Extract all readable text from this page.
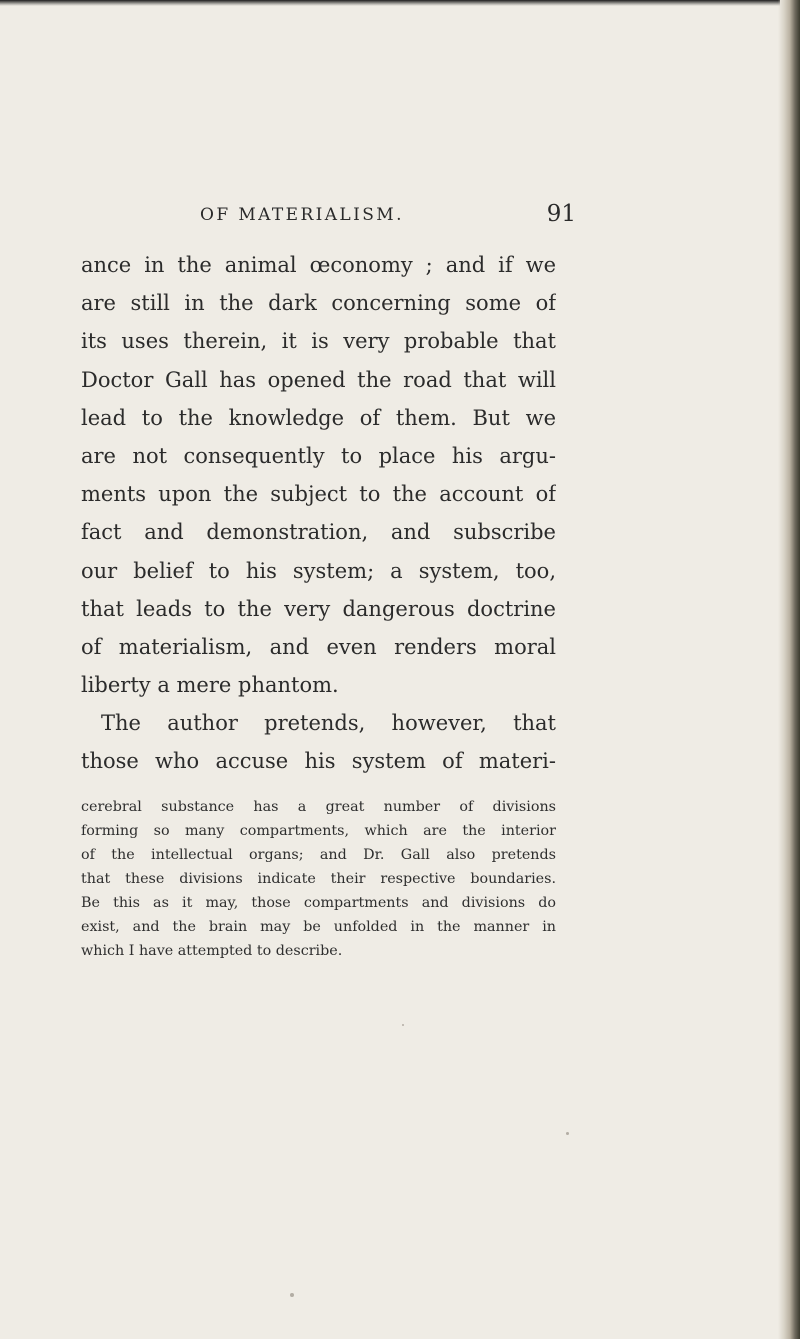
OF MATERIALISM.	91
ance in the animal œconomy ; and if we
are still in the dark concerning some of
its uses therein, it is very probable that
Doctor Gall has opened the road that will
lead to the knowledge of them. But we
are not consequently to place his argu-
ments upon the subject to the account of
fact and demonstration, and subscribe
our belief to his system; a system, too,
that leads to the very dangerous doctrine
of materialism, and even renders moral
liberty a mere phantom.
The author pretends, however, that
those who accuse his system of materi-
cerebral substance has a great number of divisions
forming so many compartments, which are the interior
of the intellectual organs; and Dr. Gall also pretends
that these divisions indicate their respective boundaries.
Be this as it may, those compartments and divisions do
exist, and the brain may be unfolded in the manner in
which I have attempted to describe.
